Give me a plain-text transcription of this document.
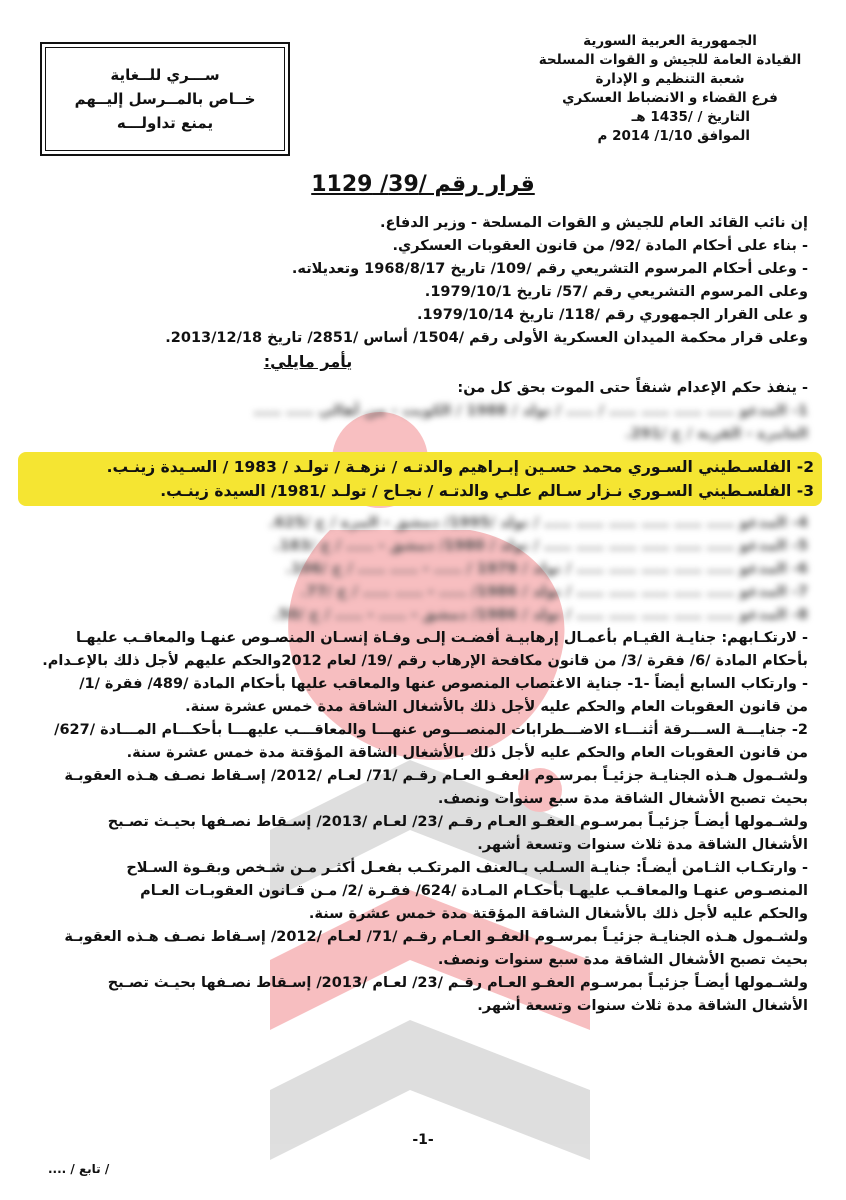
الجمهورية العربية السورية
القيادة العامة للجيش و القوات المسلحة
شعبة التنظيم و الإدارة
فرع القضاء و الانضباط العسكري
التاريخ / /1435 هـ
الموافق 1/10/ 2014 م
ســـري للــغاية
خــاص بالمــرسل إليــهم
يمنع تداولـــه
قرار رقم /39/ 1129
إن نائب القائد العام للجيش و القوات المسلحة - وزير الدفاع.
- بناء على أحكام المادة /92/ من قانون العقوبات العسكري.
- وعلى أحكام المرسوم التشريعي رقم /109/ تاريخ 1968/8/17 وتعديلاته.
وعلى المرسوم التشريعي رقم /57/ تاريخ 1979/10/1.
و على القرار الجمهوري رقم /118/ تاريخ 1979/10/14.
وعلى قرار محكمة الميدان العسكرية الأولى رقم /1504/ أساس /2851/ تاريخ 2013/12/18.
يأمر مايلي:
- ينفذ حكم الإعدام شنقاً حتى الموت بحق كل من:
1- المدعو ..... ..... ..... ..... / ..... / تولد / 1988 / الكويت - من أهالي ..... .....
العامرة - القرية / خ /291.
2- الفلسـطيني السـوري محمد حسـين إبـراهيم والدتـه / نزهـة / تولـد / 1983 / السـيدة زينـب.
3- الفلسـطيني السـوري نـزار سـالم علـي والدتـه / نجـاح / تولـد /1981/ السيدة زينـب.
4- المدعو ..... ..... ..... ..... ..... ..... / تولد /1995/ دمشق - المزة / خ /625.
5- المدعو ..... ..... ..... ..... ..... ..... / تولد / 1980/ دمشق - ..... / خ /183.
6- المدعو ..... ..... ..... ..... ..... / تولد / 1979 / ..... - ..... ..... / خ /106.
7- المدعو ..... ..... ..... ..... ..... / تولد / 1986/ ..... - ..... ..... / خ /77.
8- المدعو ..... ..... ..... ..... ..... / تولد / 1986/ دمشق - ..... - ..... / خ /50.
- لارتكـابهم: جنايـة القيـام بأعمـال إرهابيـة أفضـت إلـى وفـاة إنسـان المنصـوص عنهـا والمعاقـب عليهـا
بأحكام المادة /6/ فقرة /3/ من قانون مكافحة الإرهاب رقم /19/ لعام 2012والحكم عليهم لأجل ذلك بالإعـدام.
- وارتكاب السابع أيضاً -1- جناية الاغتصاب المنصوص عنها والمعاقب عليها بأحكام المادة /489/ فقرة /1/
من قانون العقوبات العام والحكم عليه لأجل ذلك بالأشغال الشاقة مدة خمس عشرة سنة.
2- جنايـــة الســـرقة أثنـــاء الاضـــطرابات المنصـــوص عنهـــا والمعاقـــب عليهـــا بأحكـــام المـــادة /627/
من قانون العقوبات العام والحكم عليه لأجل ذلك بالأشغال الشاقة المؤقتة مدة خمس عشرة سنة.
ولشـمول هـذه الجنايـة جزئيـاً بمرسـوم العفـو العـام رقـم /71/ لعـام /2012/ إسـقاط نصـف هـذه العقوبـة
بحيث تصبح الأشغال الشاقة مدة سبع سنوات ونصف.
ولشـمولها أيضـاً جزئيـاً بمرسـوم العفـو العـام رقـم /23/ لعـام /2013/ إسـقاط نصـفها بحيـث تصـبح
الأشغال الشاقة مدة ثلاث سنوات وتسعة أشهر.
- وارتكـاب الثـامن أيضـاً: جنايـة السـلب بـالعنف المرتكـب بفعـل أكثـر مـن شـخص وبقـوة السـلاح
المنصـوص عنهـا والمعاقـب عليهـا بأحكـام المـادة /624/ فقـرة /2/ مـن قـانون العقوبـات العـام
والحكم عليه لأجل ذلك بالأشغال الشاقة المؤقتة مدة خمس عشرة سنة.
ولشـمول هـذه الجنايـة جزئيـاً بمرسـوم العفـو العـام رقـم /71/ لعـام /2012/ إسـقاط نصـف هـذه العقوبـة
بحيث تصبح الأشغال الشاقة مدة سبع سنوات ونصف.
ولشـمولها أيضـاً جزئيـاً بمرسـوم العفـو العـام رقـم /23/ لعـام /2013/ إسـقاط نصـفها بحيـث تصـبح
الأشغال الشاقة مدة ثلاث سنوات وتسعة أشهر.
-1-
/ تابع / ....
